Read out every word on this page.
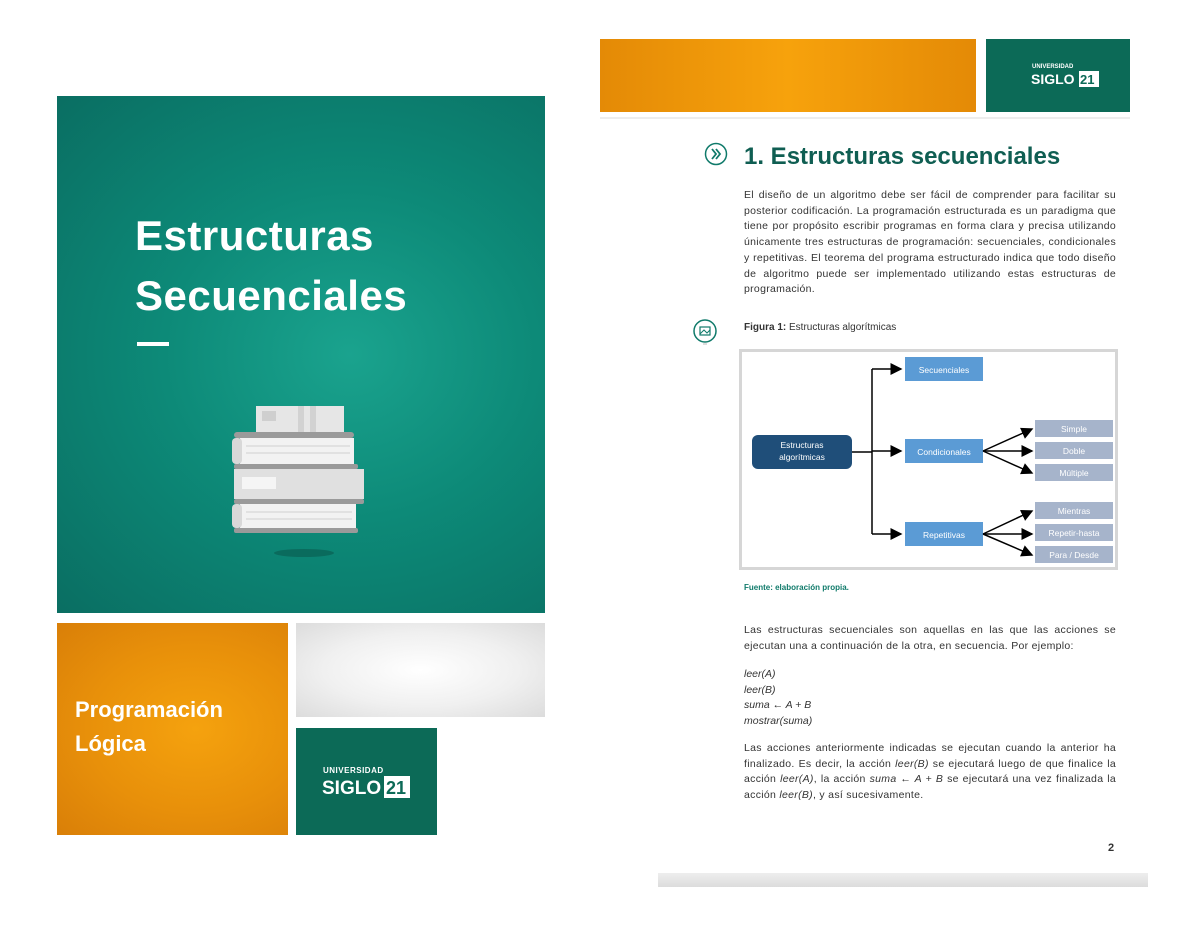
Estructuras
Secuenciales
Programación
Lógica
UNIVERSIDAD
SIGLO 21
UNIVERSIDAD
SIGLO 21
1. Estructuras secuenciales
El diseño de un algoritmo debe ser fácil de comprender para facilitar su posterior codificación. La programación estructurada es un paradigma que tiene por propósito escribir programas en forma clara y precisa utilizando únicamente tres estructuras de programación: secuenciales, condicionales y repetitivas. El teorema del programa estructurado indica que todo diseño de algoritmo puede ser implementado utilizando estas estructuras de programación.
Figura 1: Estructuras algorítmicas
Estructuras
algorítmicas
Secuenciales
Condicionales
Repetitivas
Simple
Doble
Múltiple
Mientras
Repetir-hasta
Para / Desde
Fuente: elaboración propia.
Las estructuras secuenciales son aquellas en las que las acciones se ejecutan una a continuación de la otra, en secuencia. Por ejemplo:
leer(A)
leer(B)
suma ← A + B
mostrar(suma)
Las acciones anteriormente indicadas se ejecutan cuando la anterior ha finalizado. Es decir, la acción leer(B) se ejecutará luego de que finalice la acción leer(A), la acción suma ← A + B se ejecutará una vez finalizada la acción leer(B), y así sucesivamente.
2
